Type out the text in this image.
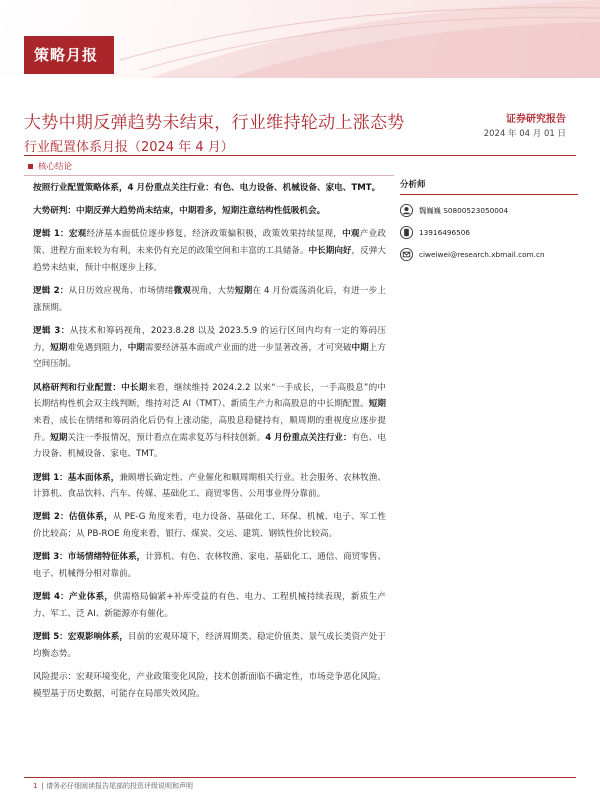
策略月报
大势中期反弹趋势未结束，行业维持轮动上涨态势
行业配置体系月报（2024 年 4 月）
证券研究报告
2024 年 04 月 01 日
核心结论

按照行业配置策略体系，4 月份重点关注行业：有色、电力设备、机械设备、家电、TMT。

大势研判：中期反弹大趋势尚未结束，中期看多，短期注意结构性低吸机会。

逻辑 1：宏观经济基本面低位逐步修复，经济政策偏积极，政策效果持续显现，中观产业政策、进程方面来较为有利，未来仍有充足的政策空间和丰富的工具储备。中长期向好，反弹大趋势未结束，预计中枢逐步上移。

逻辑 2：从日历效应视角、市场情绪微观视角，大势短期在 4 月份震荡消化后，有进一步上涨预期。

逻辑 3：从技术和筹码视角，2023.8.28 以及 2023.5.9 的运行区间内均有一定的筹码压力，短期难免遇到阻力，中期需要经济基本面或产业面的进一步显著改善，才可突破中期上方空间压制。

风格研判和行业配置：中长期来看，继续维持 2024.2.2 以来“一手成长，一手高股息”的中长期结构性机会双主线判断，维持对泛 AI（TMT）、新质生产力和高股息的中长期配置。短期来看，成长在情绪和筹码消化后仍有上涨动能，高股息稳健持有，顺周期的重视度应逐步提升。短期关注一季报情况，预计看点在需求复苏与科技创新。4 月份重点关注行业：有色、电力设备、机械设备、家电、TMT。

逻辑 1：基本面体系，兼顾增长确定性、产业催化和顺周期相关行业。社会服务、农林牧渔、计算机、食品饮料、汽车、传媒、基础化工、商贸零售、公用事业得分靠前。

逻辑 2：估值体系，从 PE-G 角度来看，电力设备、基础化工、环保、机械、电子、军工性价比较高；从 PB-ROE 角度来看，银行、煤炭、交运、建筑、钢铁性价比较高。

逻辑 3：市场情绪特征体系，计算机、有色、农林牧渔、家电、基础化工、通信、商贸零售、电子、机械得分相对靠前。

逻辑 4：产业体系，供需格局偏紧+补库受益的有色、电力、工程机械持续表现，新质生产力、军工、泛 AI、新能源亦有催化。

逻辑 5：宏观影响体系，目前的宏观环境下，经济周期类、稳定价值类、景气成长类资产处于均衡态势。

风险提示：宏观环境变化，产业政策变化风险，技术创新面临不确定性，市场竞争恶化风险。模型基于历史数据，可能存在局部失效风险。

分析师
魏巍巍 S0800523050004
13916496506
ciweiwei@research.xbmail.com.cn
1 | 请务必仔细阅读报告尾部的投资评级说明和声明
